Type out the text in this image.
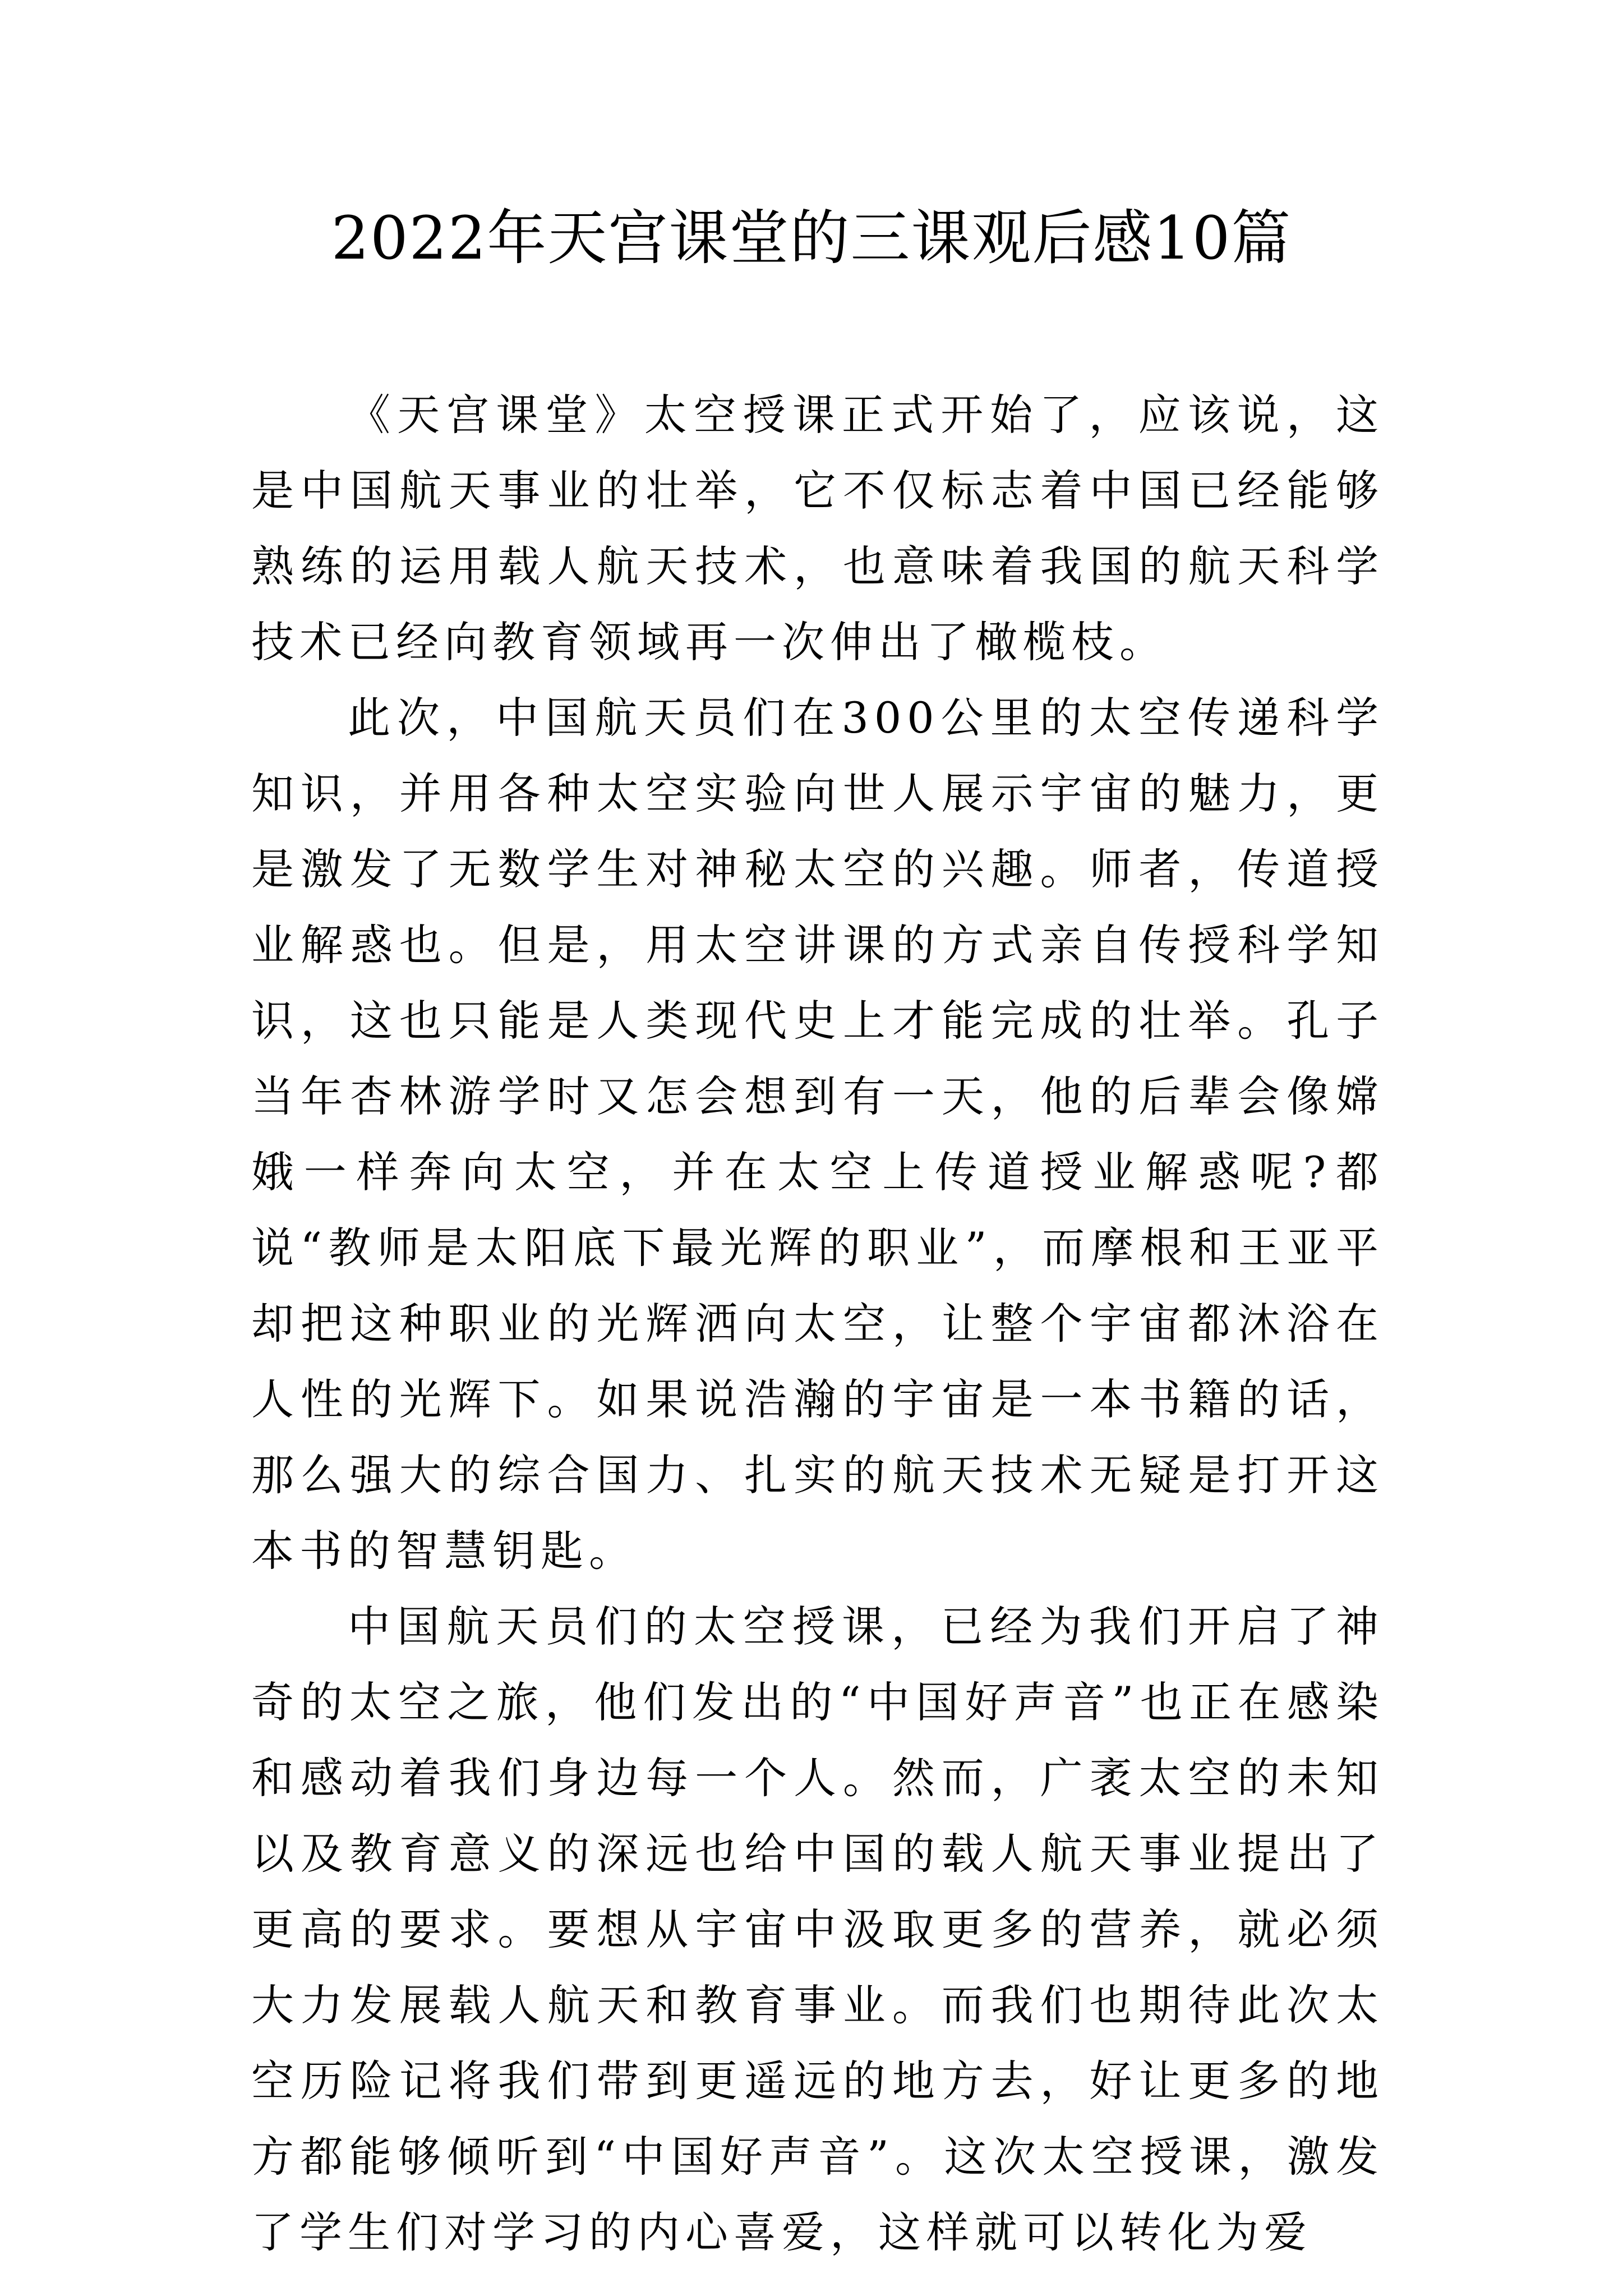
2022年天宫课堂的三课观后感10篇

《天宫课堂》太空授课正式开始了，应该说，这是中国航天事业的壮举，它不仅标志着中国已经能够熟练的运用载人航天技术，也意味着我国的航天科学技术已经向教育领域再一次伸出了橄榄枝。

此次，中国航天员们在300公里的太空传递科学知识，并用各种太空实验向世人展示宇宙的魅力，更是激发了无数学生对神秘太空的兴趣。师者，传道授业解惑也。但是，用太空讲课的方式亲自传授科学知识，这也只能是人类现代史上才能完成的壮举。孔子当年杏林游学时又怎会想到有一天，他的后辈会像嫦娥一样奔向太空，并在太空上传道授业解惑呢?都说“教师是太阳底下最光辉的职业”，而摩根和王亚平却把这种职业的光辉洒向太空，让整个宇宙都沐浴在人性的光辉下。如果说浩瀚的宇宙是一本书籍的话，那么强大的综合国力、扎实的航天技术无疑是打开这本书的智慧钥匙。

中国航天员们的太空授课，已经为我们开启了神奇的太空之旅，他们发出的“中国好声音”也正在感染和感动着我们身边每一个人。然而，广袤太空的未知以及教育意义的深远也给中国的载人航天事业提出了更高的要求。要想从宇宙中汲取更多的营养，就必须大力发展载人航天和教育事业。而我们也期待此次太空历险记将我们带到更遥远的地方去，好让更多的地方都能够倾听到“中国好声音”。这次太空授课，激发了学生们对学习的内心喜爱，这样就可以转化为爱
